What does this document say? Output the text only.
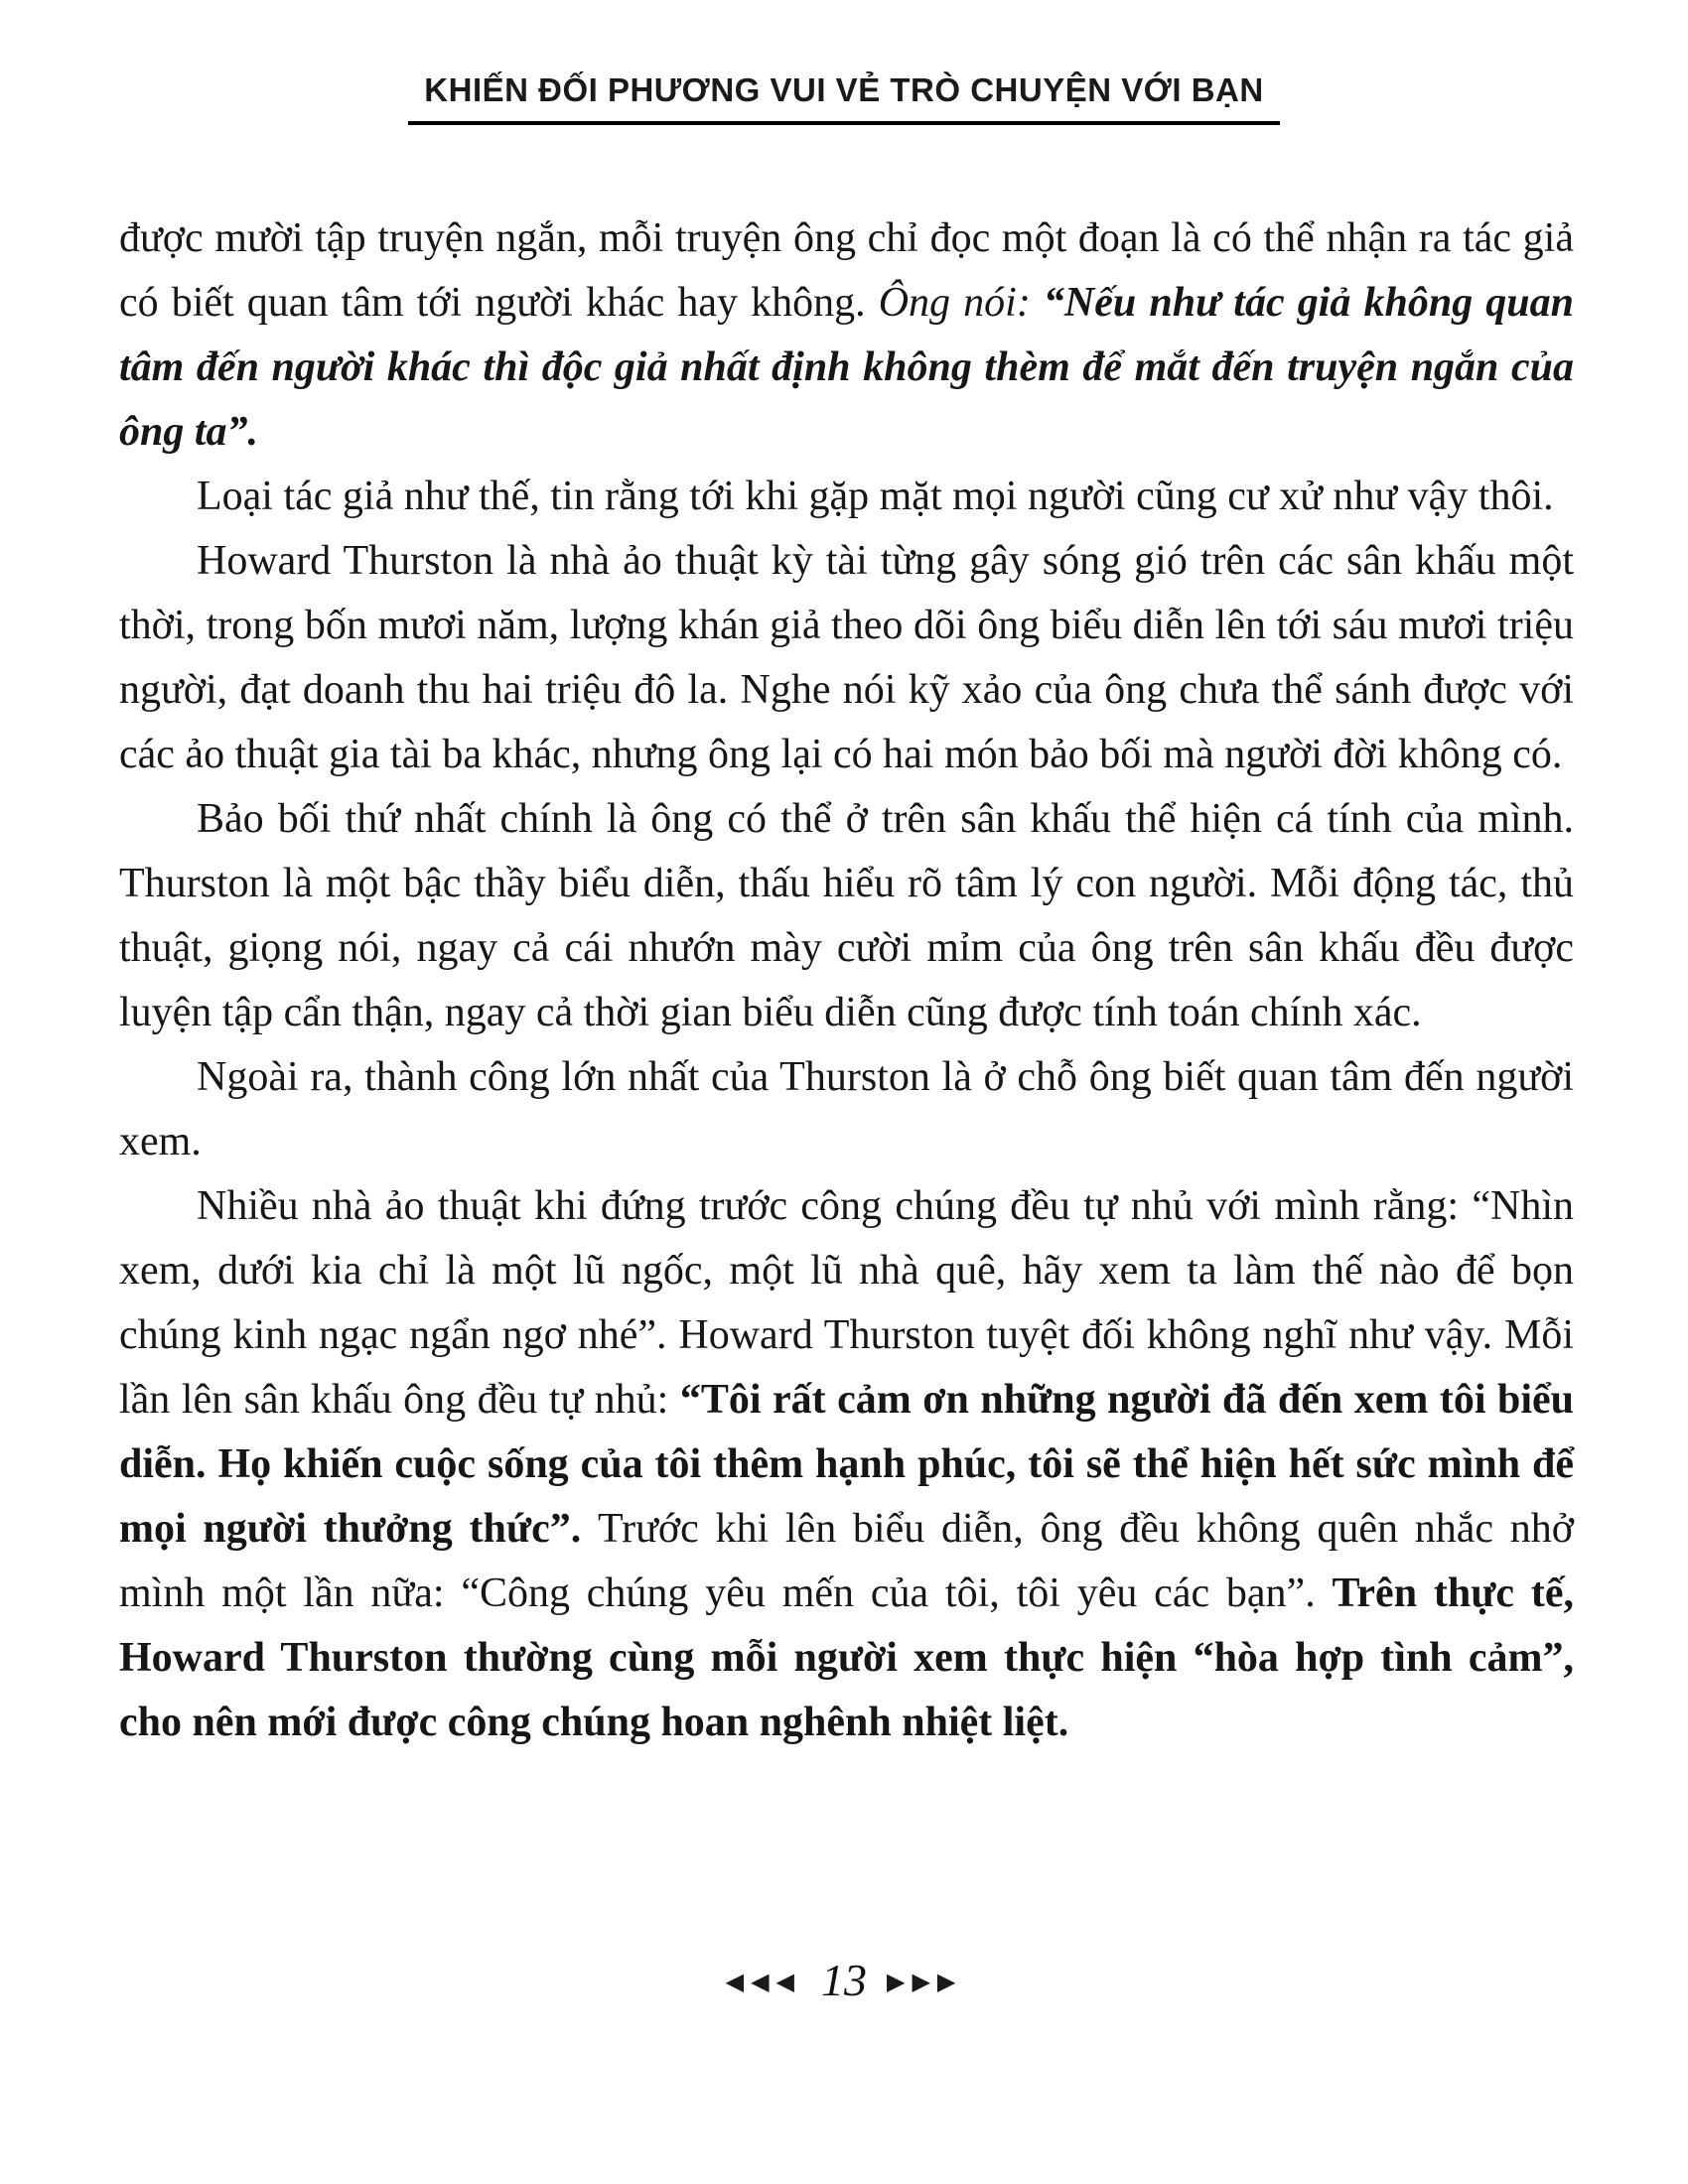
KHIẾN ĐỐI PHƯƠNG VUI VẺ TRÒ CHUYỆN VỚI BẠN

được mười tập truyện ngắn, mỗi truyện ông chỉ đọc một đoạn là có thể nhận ra tác giả có biết quan tâm tới người khác hay không. Ông nói: “Nếu như tác giả không quan tâm đến người khác thì độc giả nhất định không thèm để mắt đến truyện ngắn của ông ta”.

Loại tác giả như thế, tin rằng tới khi gặp mặt mọi người cũng cư xử như vậy thôi.

Howard Thurston là nhà ảo thuật kỳ tài từng gây sóng gió trên các sân khấu một thời, trong bốn mươi năm, lượng khán giả theo dõi ông biểu diễn lên tới sáu mươi triệu người, đạt doanh thu hai triệu đô la. Nghe nói kỹ xảo của ông chưa thể sánh được với các ảo thuật gia tài ba khác, nhưng ông lại có hai món bảo bối mà người đời không có.

Bảo bối thứ nhất chính là ông có thể ở trên sân khấu thể hiện cá tính của mình. Thurston là một bậc thầy biểu diễn, thấu hiểu rõ tâm lý con người. Mỗi động tác, thủ thuật, giọng nói, ngay cả cái nhướn mày cười mỉm của ông trên sân khấu đều được luyện tập cẩn thận, ngay cả thời gian biểu diễn cũng được tính toán chính xác.

Ngoài ra, thành công lớn nhất của Thurston là ở chỗ ông biết quan tâm đến người xem.

Nhiều nhà ảo thuật khi đứng trước công chúng đều tự nhủ với mình rằng: “Nhìn xem, dưới kia chỉ là một lũ ngốc, một lũ nhà quê, hãy xem ta làm thế nào để bọn chúng kinh ngạc ngẩn ngơ nhé”. Howard Thurston tuyệt đối không nghĩ như vậy. Mỗi lần lên sân khấu ông đều tự nhủ: “Tôi rất cảm ơn những người đã đến xem tôi biểu diễn. Họ khiến cuộc sống của tôi thêm hạnh phúc, tôi sẽ thể hiện hết sức mình để mọi người thưởng thức”. Trước khi lên biểu diễn, ông đều không quên nhắc nhở mình một lần nữa: “Công chúng yêu mến của tôi, tôi yêu các bạn”. Trên thực tế, Howard Thurston thường cùng mỗi người xem thực hiện “hòa hợp tình cảm”, cho nên mới được công chúng hoan nghênh nhiệt liệt.

◀◀◀ 13 ▶▶▶
